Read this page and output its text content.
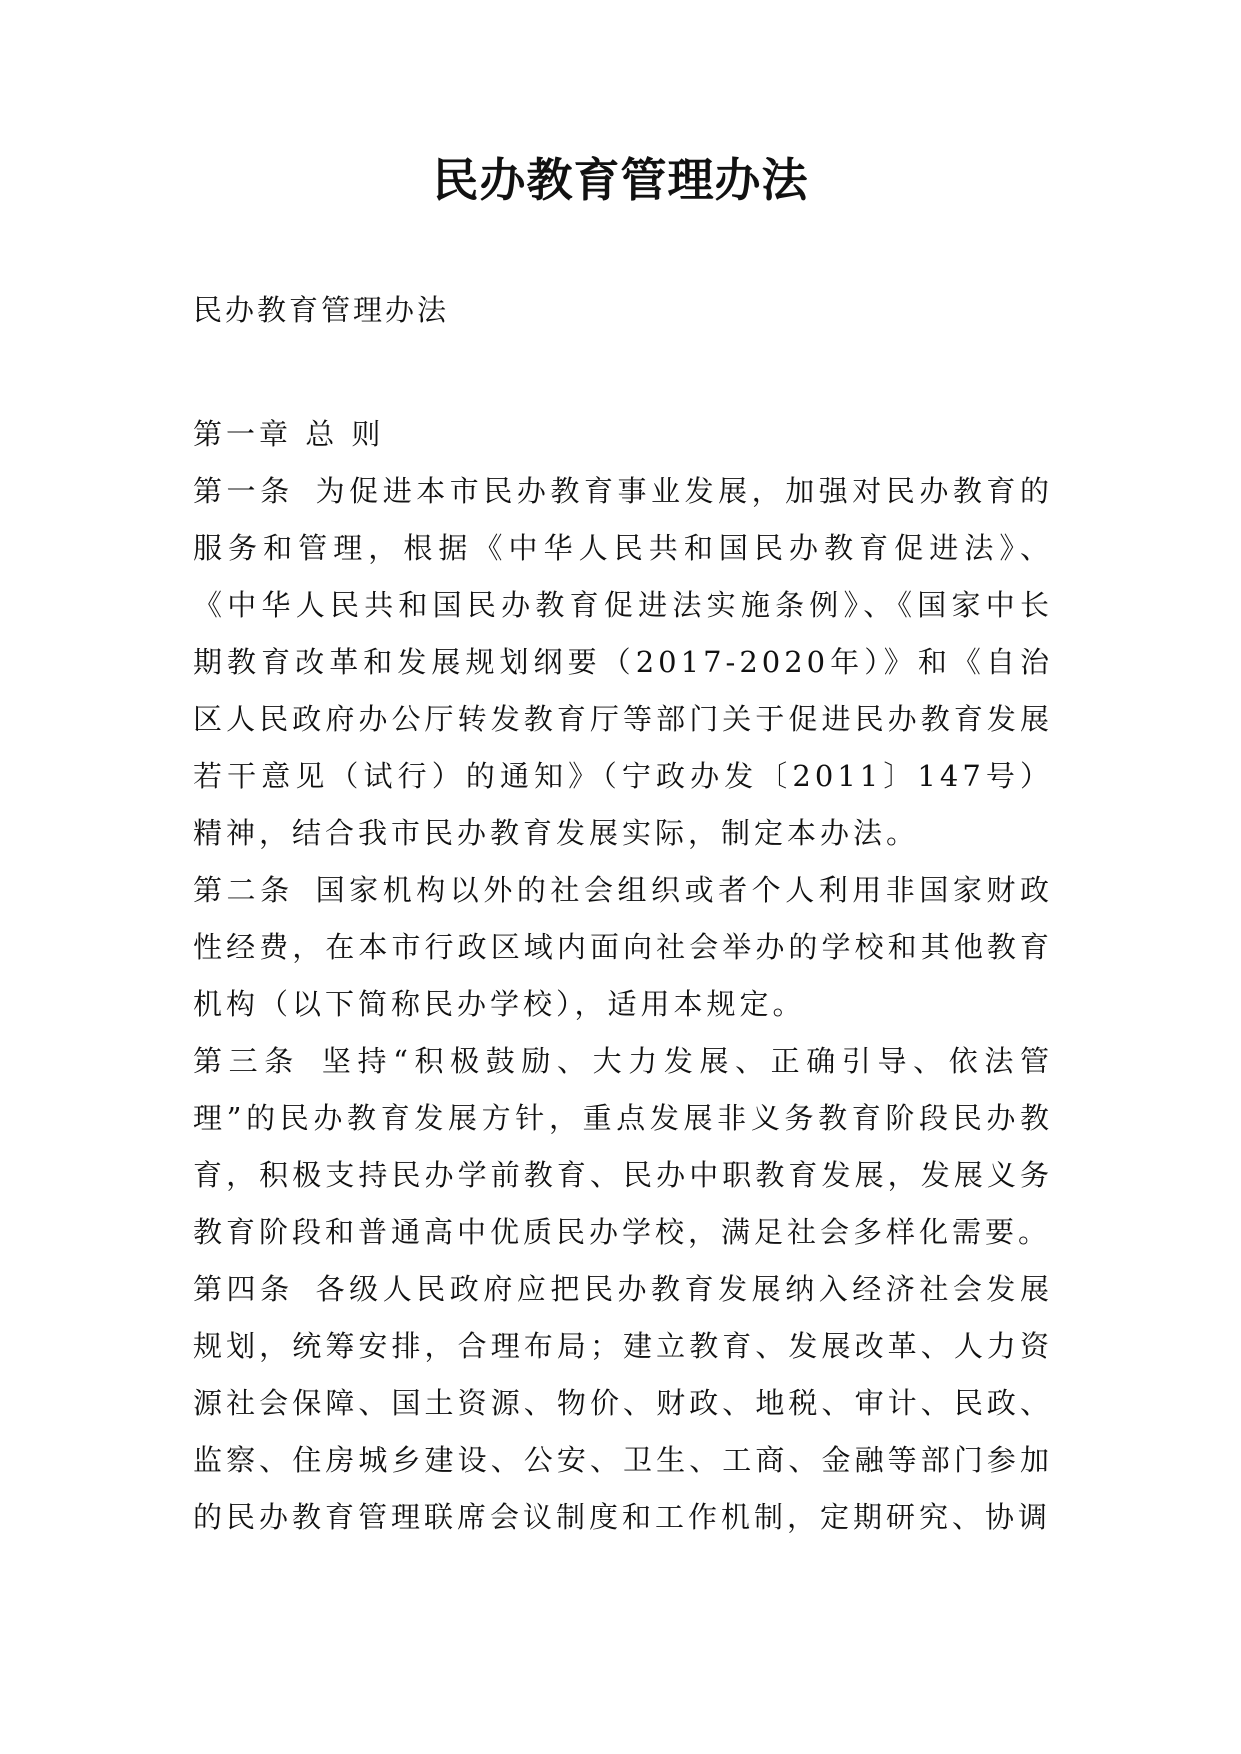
民办教育管理办法

民办教育管理办法

第一章 总 则

第一条 为促进本市民办教育事业发展，加强对民办教育的服务和管理，根据《中华人民共和国民办教育促进法》、《中华人民共和国民办教育促进法实施条例》、《国家中长期教育改革和发展规划纲要（2017-2020年）》和《自治区人民政府办公厅转发教育厅等部门关于促进民办教育发展若干意见（试行）的通知》（宁政办发〔2011〕147号）精神，结合我市民办教育发展实际，制定本办法。

第二条 国家机构以外的社会组织或者个人利用非国家财政性经费，在本市行政区域内面向社会举办的学校和其他教育机构（以下简称民办学校），适用本规定。

第三条 坚持“积极鼓励、大力发展、正确引导、依法管理”的民办教育发展方针，重点发展非义务教育阶段民办教育，积极支持民办学前教育、民办中职教育发展，发展义务教育阶段和普通高中优质民办学校，满足社会多样化需要。

第四条 各级人民政府应把民办教育发展纳入经济社会发展规划，统筹安排，合理布局；建立教育、发展改革、人力资源社会保障、国土资源、物价、财政、地税、审计、民政、监察、住房城乡建设、公安、卫生、工商、金融等部门参加的民办教育管理联席会议制度和工作机制，定期研究、协调
